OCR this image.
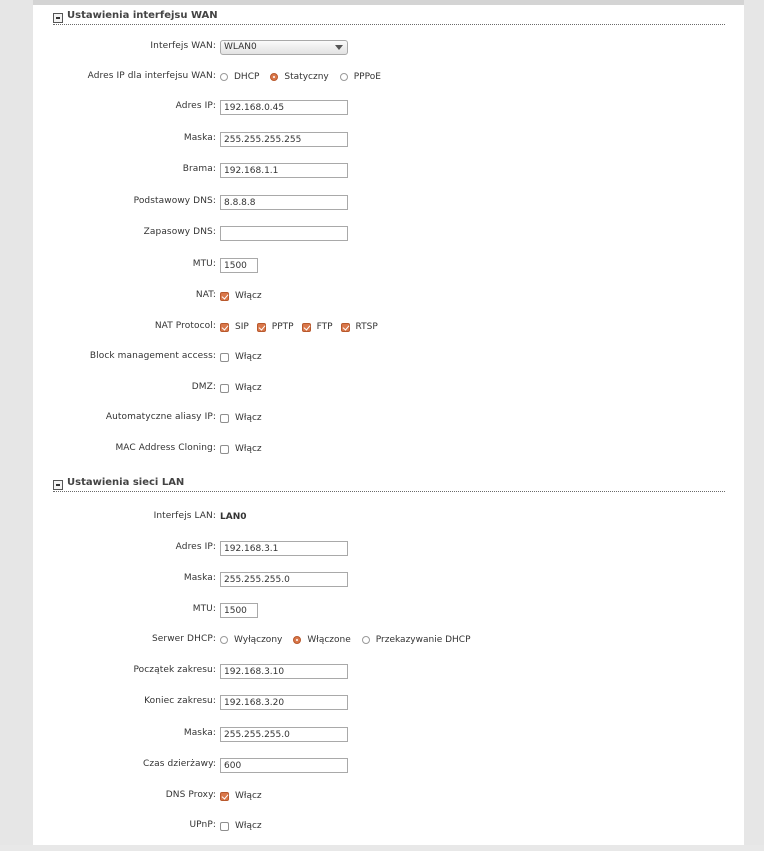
Ustawienia interfejsu WAN
Interfejs WAN: WLAN0
Adres IP dla interfejsu WAN: DHCP	Statyczny	PPPoE
Adres IP: 192.168.0.45
Maska: 255.255.255.255
Brama: 192.168.1.1
Podstawowy DNS: 8.8.8.8
Zapasowy DNS:
MTU: 1500
NAT: Włącz
NAT Protocol: SIP	PPTP	FTP	RTSP
Block management access: Włącz
DMZ: Włącz
Automatyczne aliasy IP: Włącz
MAC Address Cloning: Włącz
Ustawienia sieci LAN
Interfejs LAN: LAN0
Adres IP: 192.168.3.1
Maska: 255.255.255.0
MTU: 1500
Serwer DHCP: Wyłączony	Włączone	Przekazywanie DHCP
Początek zakresu: 192.168.3.10
Koniec zakresu: 192.168.3.20
Maska: 255.255.255.0
Czas dzierżawy: 600
DNS Proxy: Włącz
UPnP: Włącz
